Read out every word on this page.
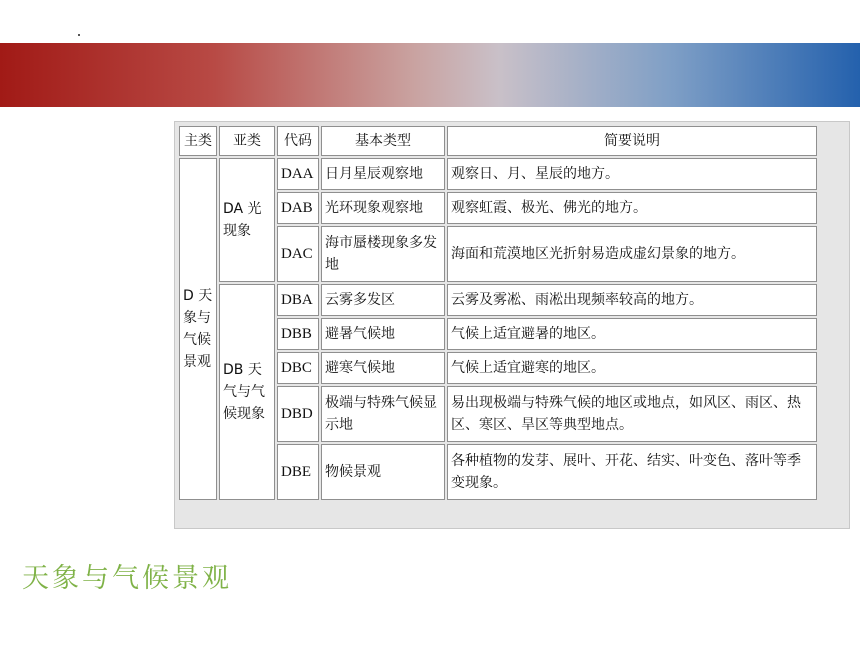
主类	亚类	代码	基本类型	简要说明
D 天象与气候景观	DA 光现象	DAA	日月星辰观察地	观察日、月、星辰的地方。
		DAB	光环现象观察地	观察虹霞、极光、佛光的地方。
		DAC	海市蜃楼现象多发地	海面和荒漠地区光折射易造成虚幻景象的地方。
	DB 天气与气候现象	DBA	云雾多发区	云雾及雾凇、雨凇出现频率较高的地方。
		DBB	避暑气候地	气候上适宜避暑的地区。
		DBC	避寒气候地	气候上适宜避寒的地区。
		DBD	极端与特殊气候显示地	易出现极端与特殊气候的地区或地点，如风区、雨区、热区、寒区、旱区等典型地点。
		DBE	物候景观	各种植物的发芽、展叶、开花、结实、叶变色、落叶等季变现象。
天象与气候景观
